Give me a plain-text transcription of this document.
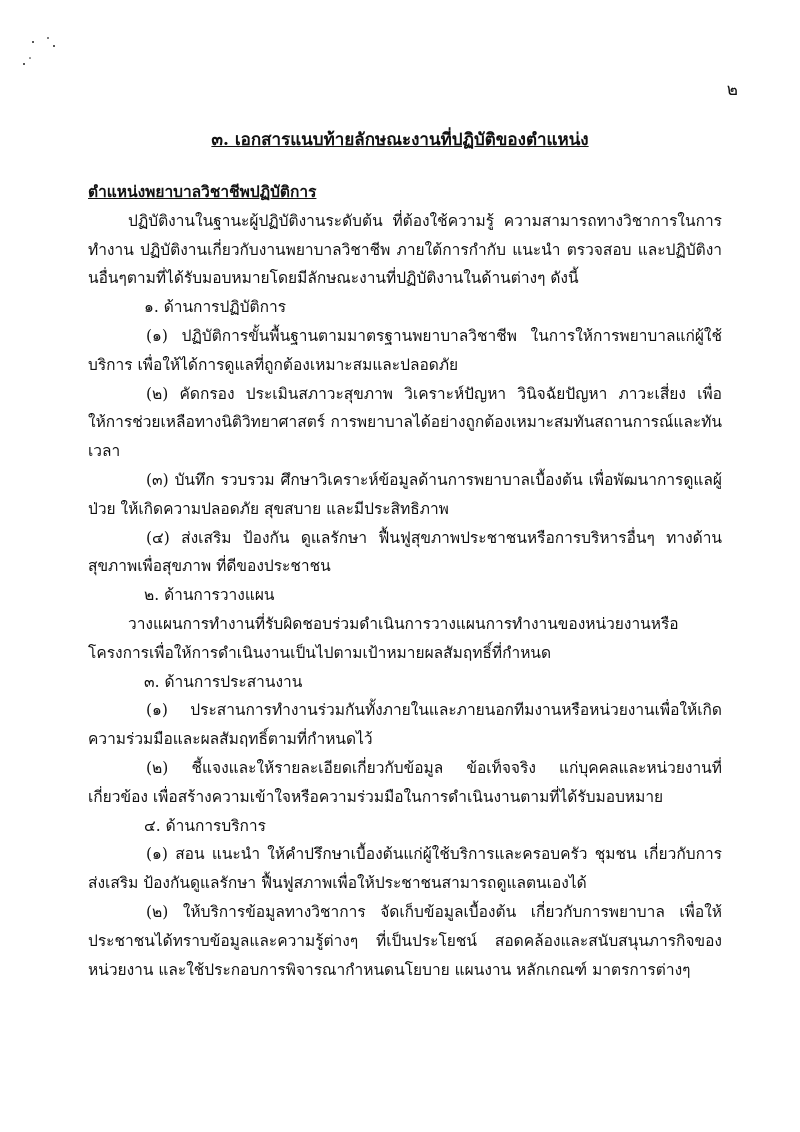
๒
๓. เอกสารแนบท้ายลักษณะงานที่ปฏิบัติของตำแหน่ง

ตำแหน่งพยาบาลวิชาชีพปฏิบัติการ

ปฏิบัติงานในฐานะผู้ปฏิบัติงานระดับต้น ที่ต้องใช้ความรู้ ความสามารถทางวิชาการในการทำงาน ปฏิบัติงานเกี่ยวกับงานพยาบาลวิชาชีพ ภายใต้การกำกับ แนะนำ ตรวจสอบ และปฏิบัติงานอื่นๆตามที่ได้รับมอบหมายโดยมีลักษณะงานที่ปฏิบัติงานในด้านต่างๆ ดังนี้

๑. ด้านการปฏิบัติการ

(๑) ปฏิบัติการขั้นพื้นฐานตามมาตรฐานพยาบาลวิชาชีพ ในการให้การพยาบาลแก่ผู้ใช้บริการ เพื่อให้ได้การดูแลที่ถูกต้องเหมาะสมและปลอดภัย

(๒) คัดกรอง ประเมินสภาวะสุขภาพ วิเคราะห์ปัญหา วินิจฉัยปัญหา ภาวะเสี่ยง เพื่อให้การช่วยเหลือทางนิติวิทยาศาสตร์ การพยาบาลได้อย่างถูกต้องเหมาะสมทันสถานการณ์และทันเวลา

(๓) บันทึก รวบรวม ศึกษาวิเคราะห์ข้อมูลด้านการพยาบาลเบื้องต้น เพื่อพัฒนาการดูแลผู้ป่วย ให้เกิดความปลอดภัย สุขสบาย และมีประสิทธิภาพ

(๔) ส่งเสริม ป้องกัน ดูแลรักษา ฟื้นฟูสุขภาพประชาชนหรือการบริหารอื่นๆ ทางด้านสุขภาพเพื่อสุขภาพ ที่ดีของประชาชน

๒. ด้านการวางแผน

วางแผนการทำงานที่รับผิดชอบร่วมดำเนินการวางแผนการทำงานของหน่วยงานหรือโครงการเพื่อให้การดำเนินงานเป็นไปตามเป้าหมายผลสัมฤทธิ์ที่กำหนด

๓. ด้านการประสานงาน

(๑) ประสานการทำงานร่วมกันทั้งภายในและภายนอกทีมงานหรือหน่วยงานเพื่อให้เกิดความร่วมมือและผลสัมฤทธิ์ตามที่กำหนดไว้

(๒) ชี้แจงและให้รายละเอียดเกี่ยวกับข้อมูล ข้อเท็จจริง แก่บุคคลและหน่วยงานที่เกี่ยวข้อง เพื่อสร้างความเข้าใจหรือความร่วมมือในการดำเนินงานตามที่ได้รับมอบหมาย

๔. ด้านการบริการ

(๑) สอน แนะนำ ให้คำปรึกษาเบื้องต้นแก่ผู้ใช้บริการและครอบครัว ชุมชน เกี่ยวกับการส่งเสริม ป้องกันดูแลรักษา ฟื้นฟูสภาพเพื่อให้ประชาชนสามารถดูแลตนเองได้

(๒) ให้บริการข้อมูลทางวิชาการ จัดเก็บข้อมูลเบื้องต้น เกี่ยวกับการพยาบาล เพื่อให้ประชาชนได้ทราบข้อมูลและความรู้ต่างๆ ที่เป็นประโยชน์ สอดคล้องและสนับสนุนภารกิจของหน่วยงาน และใช้ประกอบการพิจารณากำหนดนโยบาย แผนงาน หลักเกณฑ์ มาตรการต่างๆ
